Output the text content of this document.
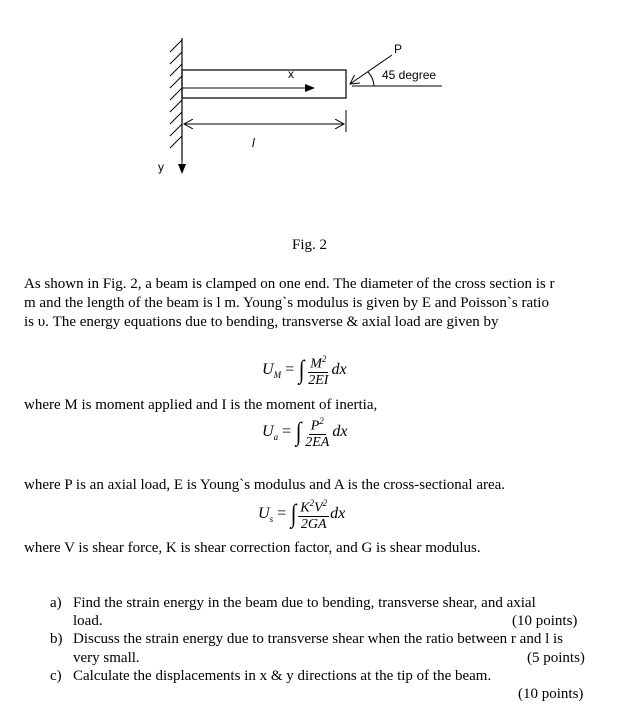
P
45 degree
x
l
y
Fig. 2
As shown in Fig. 2, a beam is clamped on one end. The diameter of the cross section is r
m and the length of the beam is l m. Young`s modulus is given by E and Poisson`s ratio
is υ. The energy equations due to bending, transverse & axial load are given by
$U_M$ = ∫ $\frac{M^2}{2EI}$ dx
where M is moment applied and I is the moment of inertia,
$U_a$ = ∫ $\frac{P^2}{2EA}$ dx
where P is an axial load, E is Young`s modulus and A is the cross-sectional area.
$U_s$ = ∫ $\frac{K^2V^2}{2GA}$ dx
where V is shear force, K is shear correction factor, and G is shear modulus.
a) Find the strain energy in the beam due to bending, transverse shear, and axial
load.	(10 points)
b) Discuss the strain energy due to transverse shear when the ratio between r and l is
very small.	(5 points)
c) Calculate the displacements in x & y directions at the tip of the beam.
(10 points)
